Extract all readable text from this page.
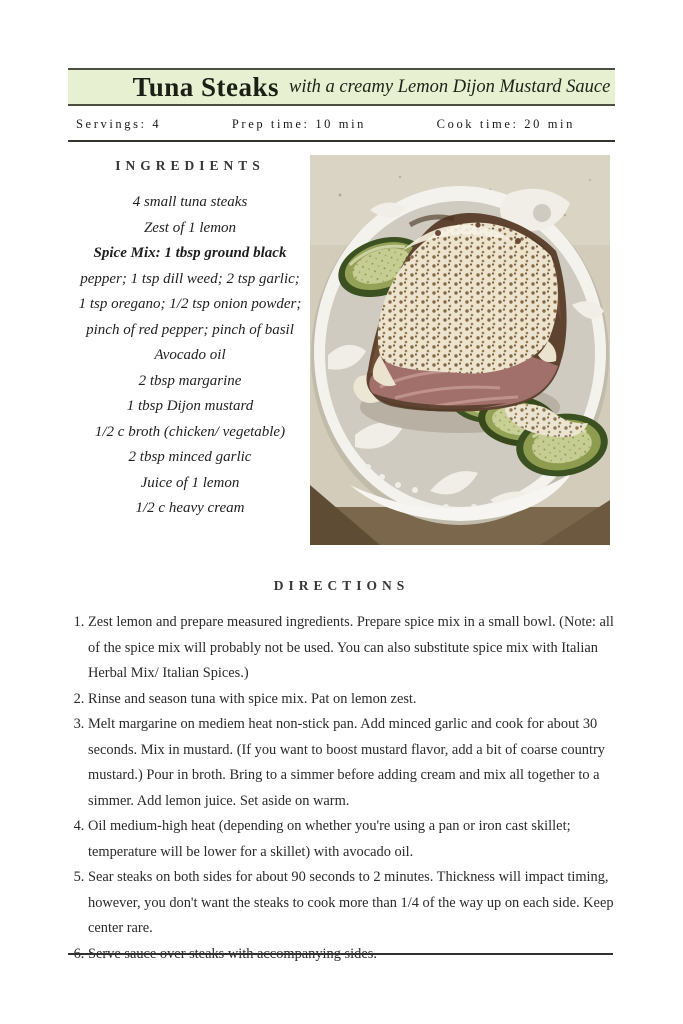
Tuna Steaks with a creamy Lemon Dijon Mustard Sauce
Servings: 4	Prep time: 10 min	Cook time: 20 min
INGREDIENTS
4 small tuna steaks
Zest of 1 lemon
Spice Mix: 1 tbsp ground black
pepper; 1 tsp dill weed; 2 tsp garlic;
1 tsp oregano; 1/2 tsp onion powder;
pinch of red pepper; pinch of basil
Avocado oil
2 tbsp margarine
1 tbsp Dijon mustard
1/2 c broth (chicken/ vegetable)
2 tbsp minced garlic
Juice of 1 lemon
1/2 c heavy cream
DIRECTIONS
1. Zest lemon and prepare measured ingredients. Prepare spice mix in a small bowl. (Note: all of the spice mix will probably not be used. You can also substitute spice mix with Italian Herbal Mix/ Italian Spices.)
2. Rinse and season tuna with spice mix. Pat on lemon zest.
3. Melt margarine on mediem heat non-stick pan. Add minced garlic and cook for about 30 seconds. Mix in mustard. (If you want to boost mustard flavor, add a bit of coarse country mustard.) Pour in broth. Bring to a simmer before adding cream and mix all together to a simmer. Add lemon juice. Set aside on warm.
4. Oil medium-high heat (depending on whether you're using a pan or iron cast skillet; temperature will be lower for a skillet) with avocado oil.
5. Sear steaks on both sides for about 90 seconds to 2 minutes. Thickness will impact timing, however, you don't want the steaks to cook more than 1/4 of the way up on each side. Keep center rare.
6. Serve sauce over steaks with accompanying sides.
